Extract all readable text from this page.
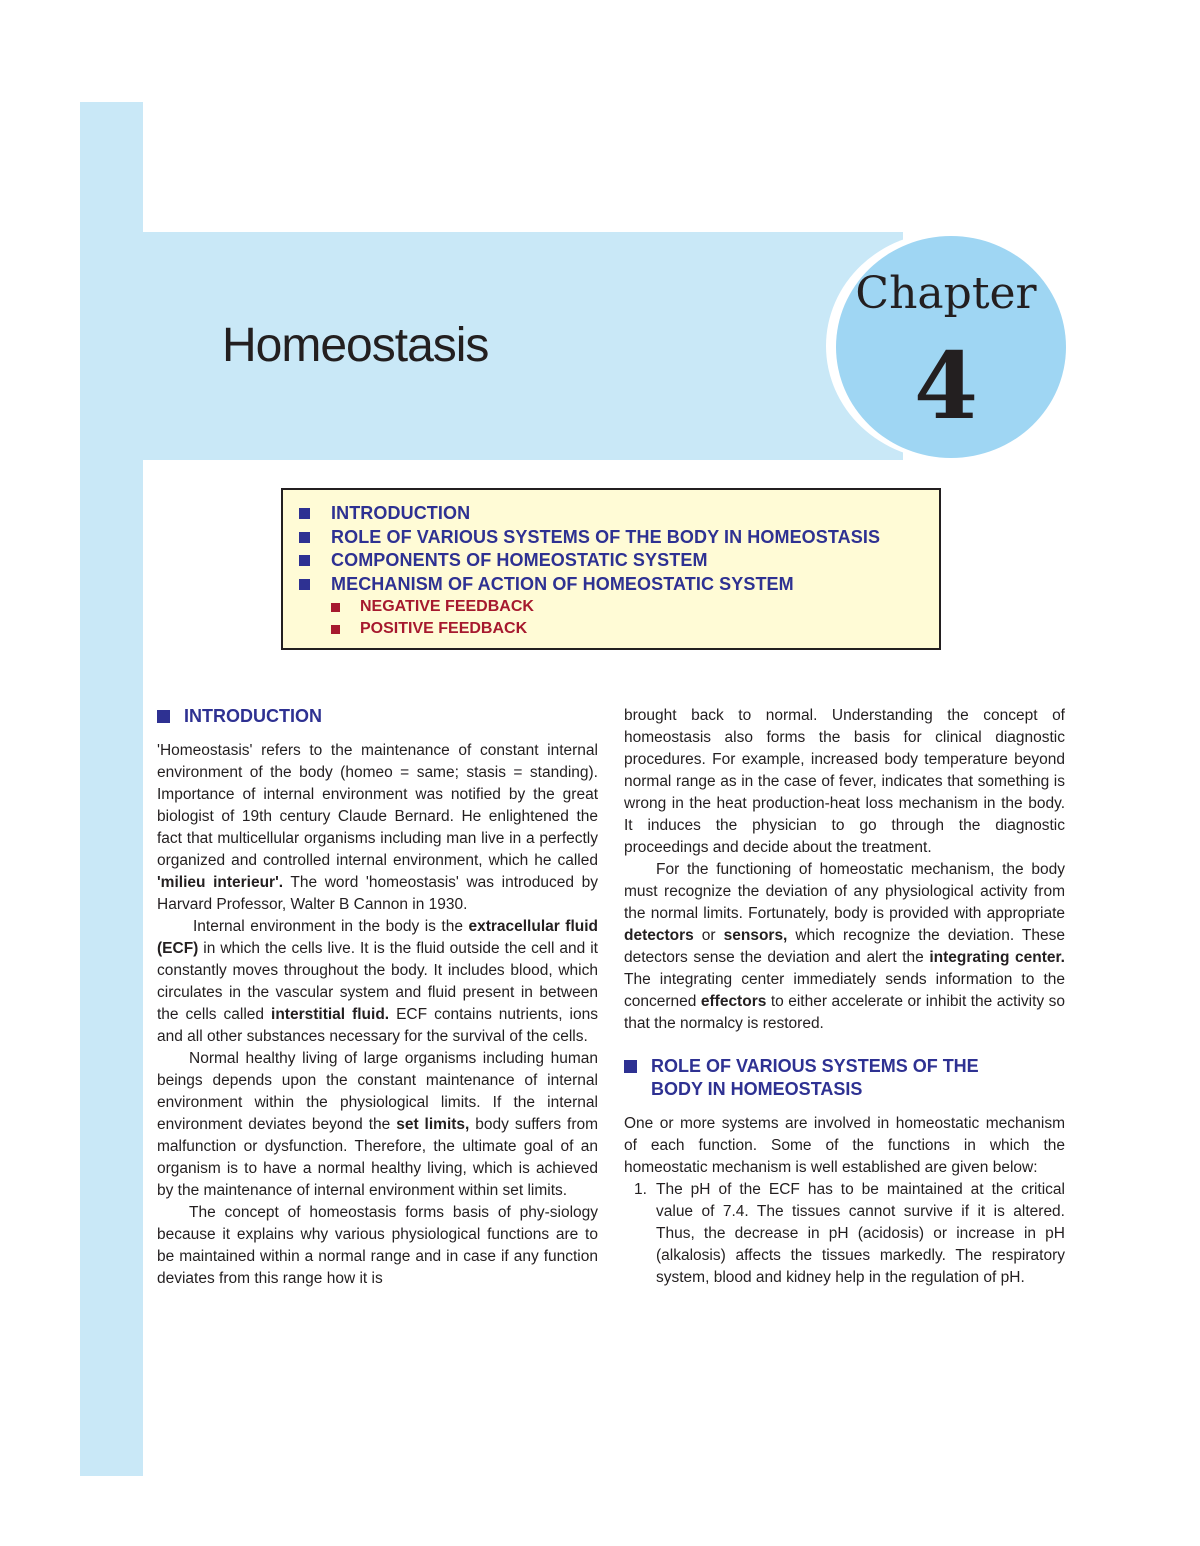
Homeostasis
Chapter
4
INTRODUCTION
ROLE OF VARIOUS SYSTEMS OF THE BODY IN HOMEOSTASIS
COMPONENTS OF HOMEOSTATIC SYSTEM
MECHANISM OF ACTION OF HOMEOSTATIC SYSTEM
NEGATIVE FEEDBACK
POSITIVE FEEDBACK
INTRODUCTION

'Homeostasis' refers to the maintenance of constant internal environment of the body (homeo = same; stasis = standing). Importance of internal environment was notified by the great biologist of 19th century Claude Bernard. He enlightened the fact that multicellular organisms including man live in a perfectly organized and controlled internal environment, which he called 'milieu interieur'. The word 'homeostasis' was introduced by Harvard Professor, Walter B Cannon in 1930.

Internal environment in the body is the extracellular fluid (ECF) in which the cells live. It is the fluid outside the cell and it constantly moves throughout the body. It includes blood, which circulates in the vascular system and fluid present in between the cells called interstitial fluid. ECF contains nutrients, ions and all other substances necessary for the survival of the cells.

Normal healthy living of large organisms including human beings depends upon the constant maintenance of internal environment within the physiological limits. If the internal environment deviates beyond the set limits, body suffers from malfunction or dysfunction. Therefore, the ultimate goal of an organism is to have a normal healthy living, which is achieved by the maintenance of internal environment within set limits.

The concept of homeostasis forms basis of phy-siology because it explains why various physiological functions are to be maintained within a normal range and in case if any function deviates from this range how it is

brought back to normal. Understanding the concept of homeostasis also forms the basis for clinical diagnostic procedures. For example, increased body temperature beyond normal range as in the case of fever, indicates that something is wrong in the heat production-heat loss mechanism in the body. It induces the physician to go through the diagnostic proceedings and decide about the treatment.

For the functioning of homeostatic mechanism, the body must recognize the deviation of any physiological activity from the normal limits. Fortunately, body is provided with appropriate detectors or sensors, which recognize the deviation. These detectors sense the deviation and alert the integrating center. The integrating center immediately sends information to the concerned effectors to either accelerate or inhibit the activity so that the normalcy is restored.

ROLE OF VARIOUS SYSTEMS OF THE
BODY IN HOMEOSTASIS

One or more systems are involved in homeostatic mechanism of each function. Some of the functions in which the homeostatic mechanism is well established are given below:

1. The pH of the ECF has to be maintained at the critical value of 7.4. The tissues cannot survive if it is altered. Thus, the decrease in pH (acidosis) or increase in pH (alkalosis) affects the tissues markedly. The respiratory system, blood and kidney help in the regulation of pH.
